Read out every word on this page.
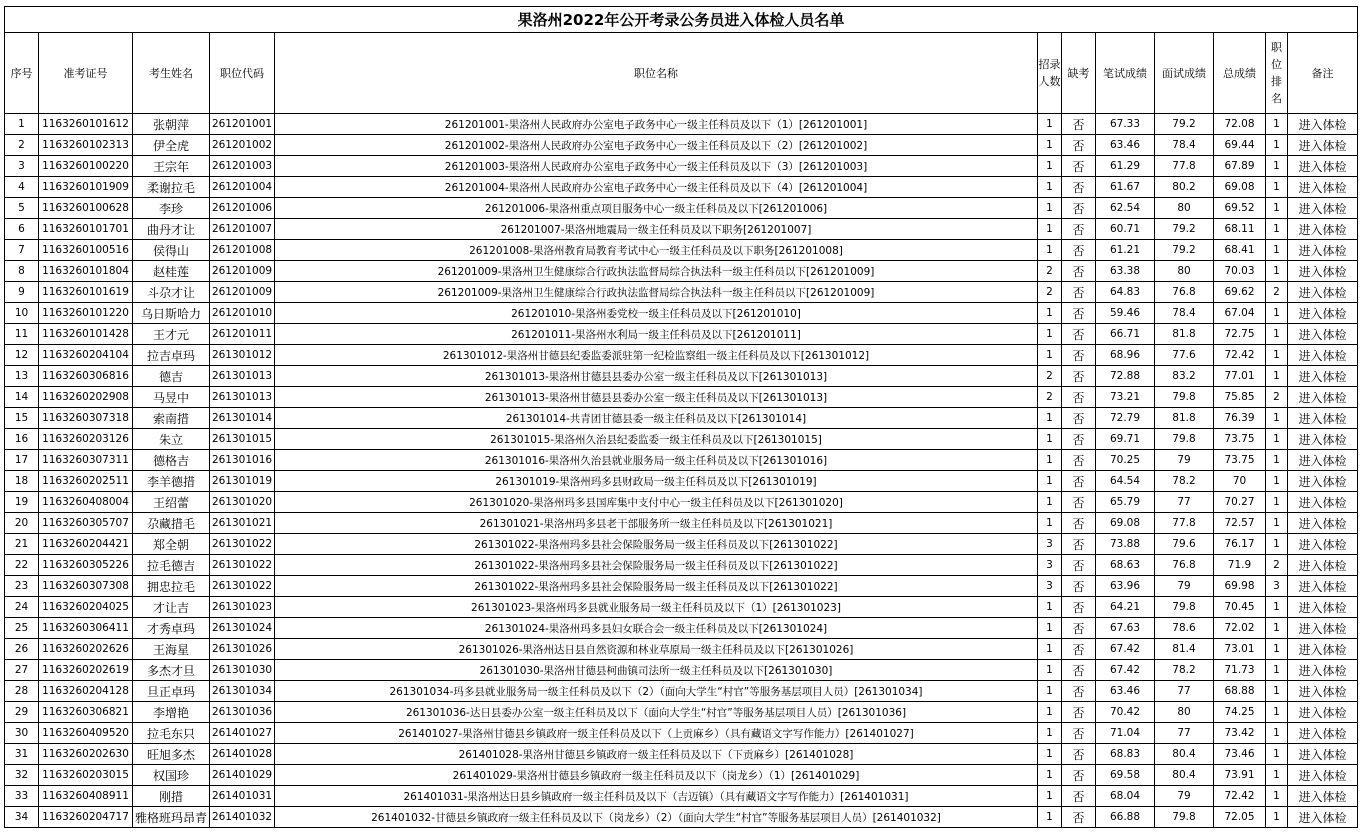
果洛州2022年公开考录公务员进入体检人员名单											
序号	准考证号	考生姓名	职位代码	职位名称	招录人数	缺考	笔试成绩	面试成绩	总成绩	职位排名	备注
1	1163260101612	张朝萍	261201001	261201001-果洛州人民政府办公室电子政务中心一级主任科员及以下（1）[261201001]	1	否	67.33	79.2	72.08	1	进入体检
2	1163260102313	伊全虎	261201002	261201002-果洛州人民政府办公室电子政务中心一级主任科员及以下（2）[261201002]	1	否	63.46	78.4	69.44	1	进入体检
3	1163260100220	王宗年	261201003	261201003-果洛州人民政府办公室电子政务中心一级主任科员及以下（3）[261201003]	1	否	61.29	77.8	67.89	1	进入体检
4	1163260101909	柔谢拉毛	261201004	261201004-果洛州人民政府办公室电子政务中心一级主任科员及以下（4）[261201004]	1	否	61.67	80.2	69.08	1	进入体检
5	1163260100628	李珍	261201006	261201006-果洛州重点项目服务中心一级主任科员及以下[261201006]	1	否	62.54	80	69.52	1	进入体检
6	1163260101701	曲丹才让	261201007	261201007-果洛州地震局一级主任科员及以下职务[261201007]	1	否	60.71	79.2	68.11	1	进入体检
7	1163260100516	侯得山	261201008	261201008-果洛州教育局教育考试中心一级主任科员及以下职务[261201008]	1	否	61.21	79.2	68.41	1	进入体检
8	1163260101804	赵桂莲	261201009	261201009-果洛州卫生健康综合行政执法监督局综合执法科一级主任科员以下[261201009]	2	否	63.38	80	70.03	1	进入体检
9	1163260101619	斗尕才让	261201009	261201009-果洛州卫生健康综合行政执法监督局综合执法科一级主任科员以下[261201009]	2	否	64.83	76.8	69.62	2	进入体检
10	1163260101220	乌日斯哈力	261201010	261201010-果洛州委党校一级主任科员及以下[261201010]	1	否	59.46	78.4	67.04	1	进入体检
11	1163260101428	王才元	261201011	261201011-果洛州水利局一级主任科员及以下[261201011]	1	否	66.71	81.8	72.75	1	进入体检
12	1163260204104	拉吉卓玛	261301012	261301012-果洛州甘德县纪委监委派驻第一纪检监察组一级主任科员及以下[261301012]	1	否	68.96	77.6	72.42	1	进入体检
13	1163260306816	德吉	261301013	261301013-果洛州甘德县县委办公室一级主任科员及以下[261301013]	2	否	72.88	83.2	77.01	1	进入体检
14	1163260202908	马昱中	261301013	261301013-果洛州甘德县县委办公室一级主任科员及以下[261301013]	2	否	73.21	79.8	75.85	2	进入体检
15	1163260307318	索南措	261301014	261301014-共青团甘德县委一级主任科员及以下[261301014]	1	否	72.79	81.8	76.39	1	进入体检
16	1163260203126	朱立	261301015	261301015-果洛州久治县纪委监委一级主任科员及以下[261301015]	1	否	69.71	79.8	73.75	1	进入体检
17	1163260307311	德格吉	261301016	261301016-果洛州久治县就业服务局一级主任科员及以下[261301016]	1	否	70.25	79	73.75	1	进入体检
18	1163260202511	李羊德措	261301019	261301019-果洛州玛多县财政局一级主任科员及以下[261301019]	1	否	64.54	78.2	70	1	进入体检
19	1163260408004	王绍蕾	261301020	261301020-果洛州玛多县国库集中支付中心一级主任科员及以下[261301020]	1	否	65.79	77	70.27	1	进入体检
20	1163260305707	尕藏措毛	261301021	261301021-果洛州玛多县老干部服务所一级主任科员及以下[261301021]	1	否	69.08	77.8	72.57	1	进入体检
21	1163260204421	郑全朝	261301022	261301022-果洛州玛多县社会保险服务局一级主任科员及以下[261301022]	3	否	73.88	79.6	76.17	1	进入体检
22	1163260305226	拉毛德吉	261301022	261301022-果洛州玛多县社会保险服务局一级主任科员及以下[261301022]	3	否	68.63	76.8	71.9	2	进入体检
23	1163260307308	拥忠拉毛	261301022	261301022-果洛州玛多县社会保险服务局一级主任科员及以下[261301022]	3	否	63.96	79	69.98	3	进入体检
24	1163260204025	才让吉	261301023	261301023-果洛州玛多县就业服务局一级主任科员及以下（1）[261301023]	1	否	64.21	79.8	70.45	1	进入体检
25	1163260306411	才秀卓玛	261301024	261301024-果洛州玛多县妇女联合会一级主任科员及以下[261301024]	1	否	67.63	78.6	72.02	1	进入体检
26	1163260202626	王海星	261301026	261301026-果洛州达日县自然资源和林业草原局一级主任科员及以下[261301026]	1	否	67.42	81.4	73.01	1	进入体检
27	1163260202619	多杰才旦	261301030	261301030-果洛州甘德县柯曲镇司法所一级主任科员及以下[261301030]	1	否	67.42	78.2	71.73	1	进入体检
28	1163260204128	旦正卓玛	261301034	261301034-玛多县就业服务局一级主任科员及以下（2）（面向大学生“村官”等服务基层项目人员）[261301034]	1	否	63.46	77	68.88	1	进入体检
29	1163260306821	李增艳	261301036	261301036-达日县委办公室一级主任科员及以下（面向大学生“村官”等服务基层项目人员）[261301036]	1	否	70.42	80	74.25	1	进入体检
30	1163260409520	拉毛东只	261401027	261401027-果洛州甘德县乡镇政府一级主任科员及以下（上贡麻乡）（具有藏语文字写作能力）[261401027]	1	否	71.04	77	73.42	1	进入体检
31	1163260202630	旺旭多杰	261401028	261401028-果洛州甘德县乡镇政府一级主任科员及以下（下贡麻乡）[261401028]	1	否	68.83	80.4	73.46	1	进入体检
32	1163260203015	权国珍	261401029	261401029-果洛州甘德县乡镇政府一级主任科员及以下（岗龙乡）（1）[261401029]	1	否	69.58	80.4	73.91	1	进入体检
33	1163260408911	刚措	261401031	261401031-果洛州达日县乡镇政府一级主任科员及以下（吉迈镇）（具有藏语文字写作能力）[261401031]	1	否	68.04	79	72.42	1	进入体检
34	1163260204717	雅格班玛昂青	261401032	261401032-甘德县乡镇政府一级主任科员及以下（岗龙乡）（2）（面向大学生“村官”等服务基层项目人员）[261401032]	1	否	66.88	79.8	72.05	1	进入体检
